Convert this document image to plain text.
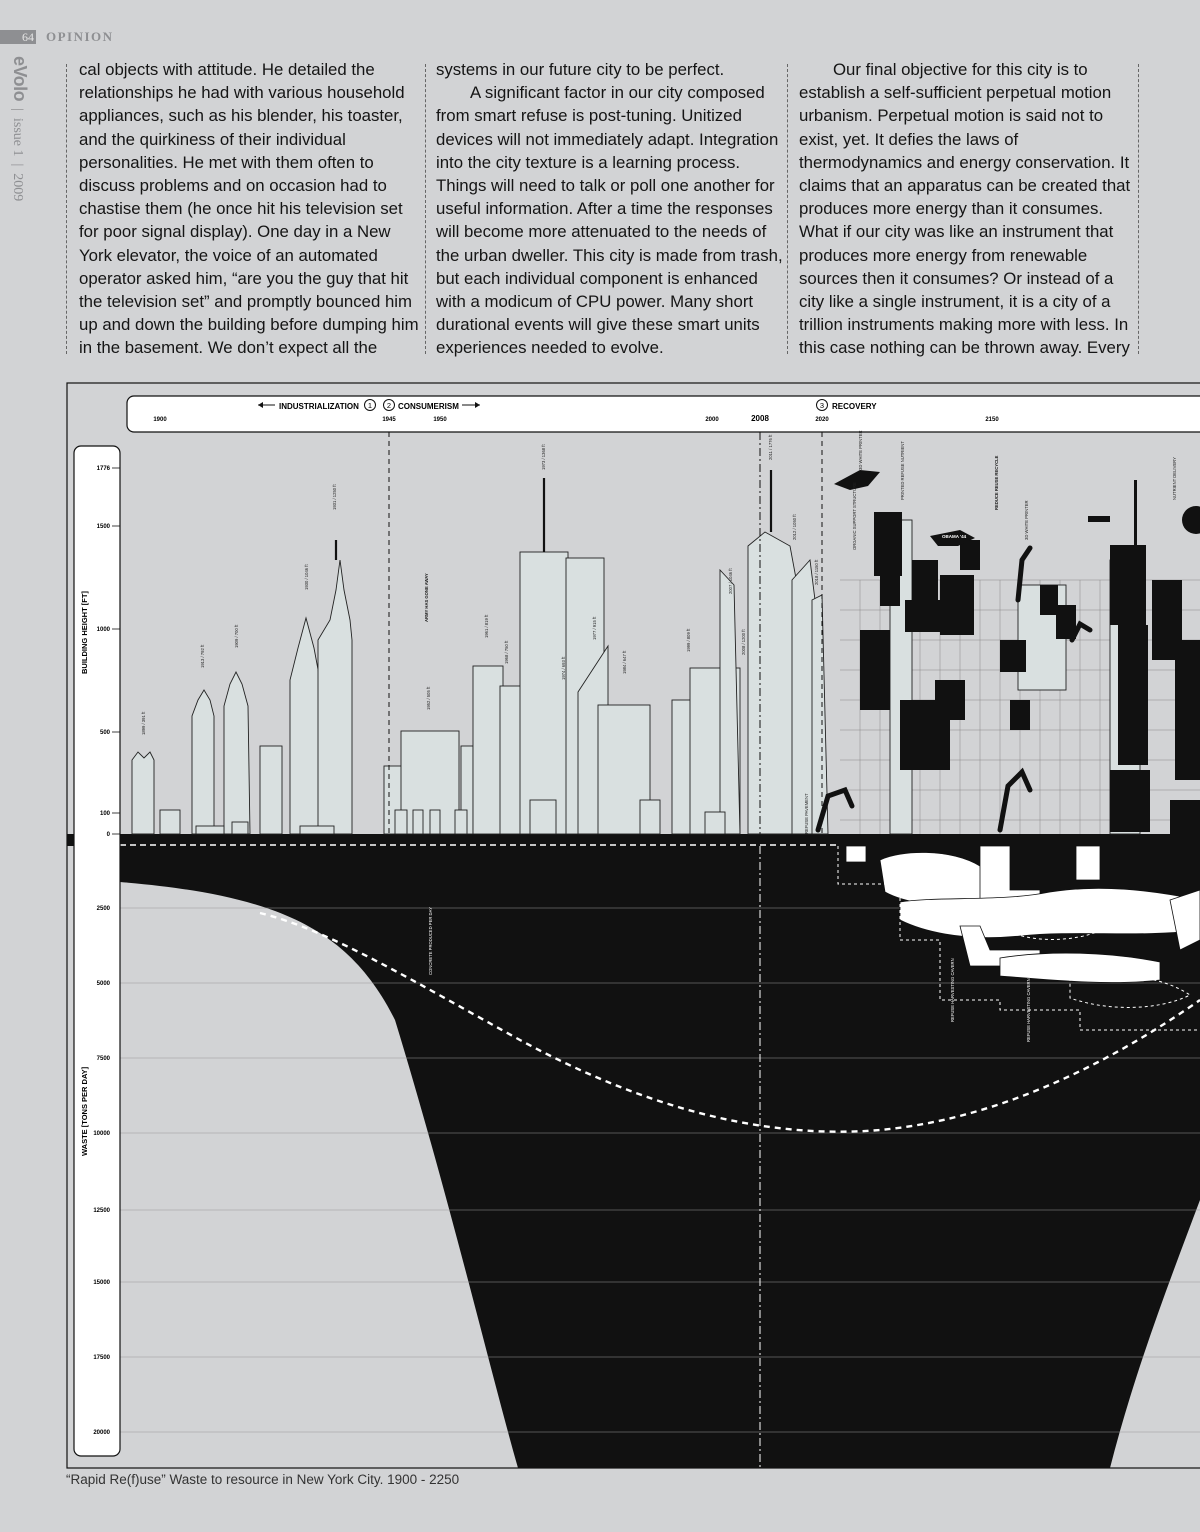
64 OPINION
eVolo  |  issue 1  |  2009

cal objects with attitude. He detailed the relationships he had with various household appliances, such as his blender, his toaster, and the quirkiness of their individual personalities. He met with them often to discuss problems and on occasion had to chastise them (he once hit his television set for poor signal display). One day in a New York elevator, the voice of an automated operator asked him, “are you the guy that hit the television set” and promptly bounced him up and down the building before dumping him in the basement. We don’t expect all the

systems in our future city to be perfect.

A significant factor in our city composed from smart refuse is post-tuning. Unitized devices will not immediately adapt. Integration into the city texture is a learning process. Things will need to talk or poll one another for useful information. After a time the responses will become more attenuated to the needs of the urban dweller. This city is made from trash, but each individual component is enhanced with a modicum of CPU power. Many short durational events will give these smart units experiences needed to evolve.

Our final objective for this city is to establish a self-sufficient perpetual motion urbanism. Perpetual motion is said not to exist, yet. It defies the laws of thermodynamics and energy conservation. It claims that an apparatus can be created that produces more energy than it consumes. What if our city was like an instrument that produces more energy from renewable sources then it consumes? Or instead of a city like a single instrument, it is a city of a trillion instruments making more with less. In this case nothing can be thrown away. Every

INDUSTRIALIZATION 1 2 CONSUMERISM	3 RECOVERY
1900	1945	1950	2000	2008	2020	2150
1776
1500
1000
500
100
0
2500
5000
7500
10000
12500
15000
17500
20000
BUILDING HEIGHT [FT]
WASTE [TONS PER DAY]
1899 / 391 ft
1913 / 792 ft
1909 / 700 ft
1930 / 1046 ft
1931 / 1250 ft
1952 / 505 ft
ARMY HAS GONE AWAY
1961 / 819 ft
1968 / 750 ft
1973 / 1368 ft
1974 / 693 ft
1977 / 915 ft
1984 / 647 ft
1999 / 809 ft
2007 / 1046 ft
2008 / 1200 ft
2011 / 1776 ft
2012 / 1050 ft
2018 / 1150 ft
REFUSE PAVEMENT
3D WHITE PRINTER
ORGANIC SUPPORT STRUCTURE
PRINTED REFUSE NUTRIENT	REDUCE REUSE RECYCLE
3D WHITE PRINTER
NUTRIENT DELIVERY
OBAMA '44
CONCRETE PRODUCED PER DAY
REFUSE HARVESTING CAVERN	REFUSE HARVESTING CAVERN
“Rapid Re(f)use” Waste to resource in New York City. 1900 - 2250
